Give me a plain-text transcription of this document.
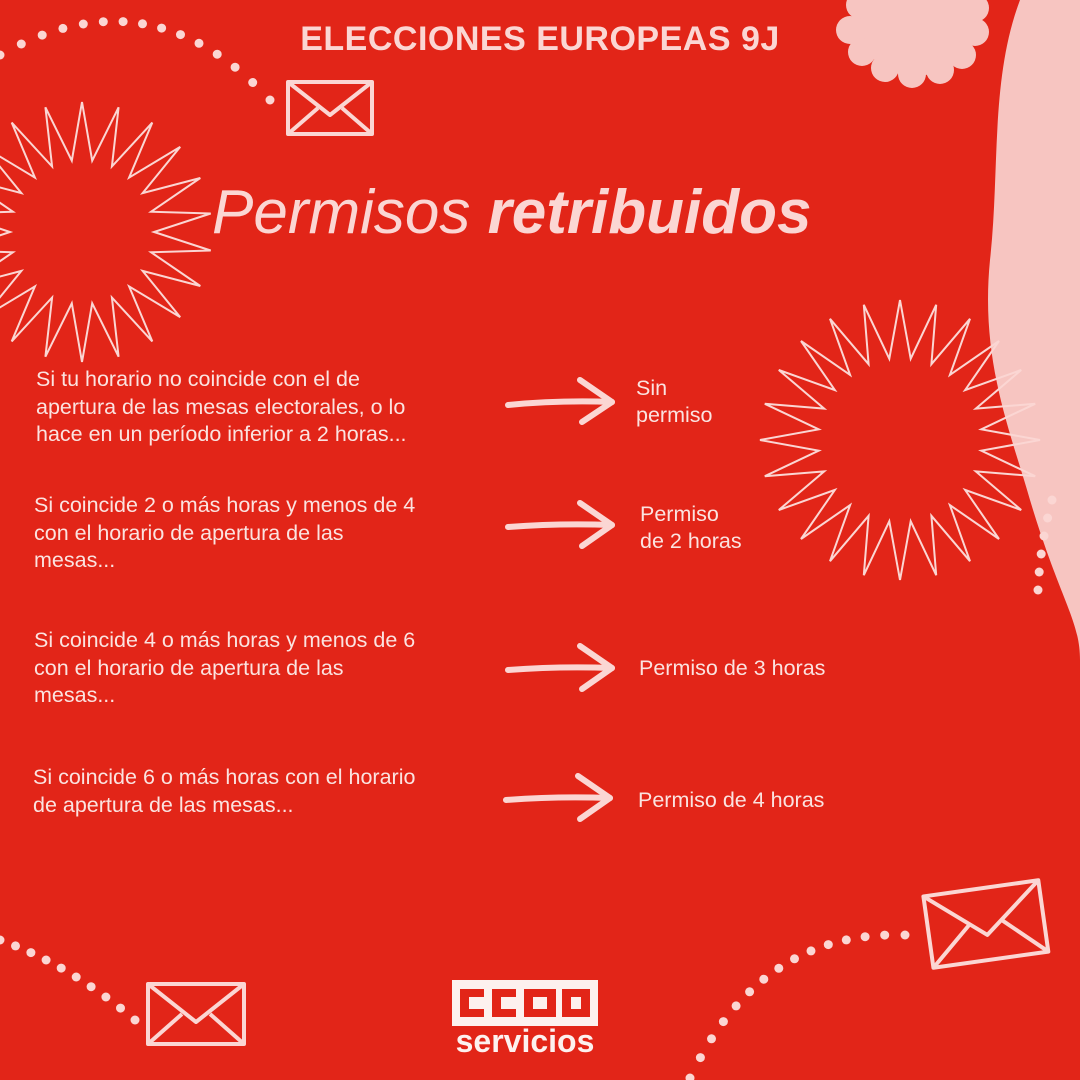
ELECCIONES EUROPEAS 9J
Permisos retribuidos
Si tu horario no coincide con el de
apertura de las mesas electorales, o lo
hace en un período inferior a 2 horas...
Sin
permiso
Si coincide 2 o más horas y menos de 4
con el horario de apertura de las
mesas...
Permiso
de 2 horas
Si coincide 4 o más horas y menos de 6
con el horario de apertura de las
mesas...
Permiso de 3 horas
Si coincide 6 o más horas con el horario
de apertura de las mesas...	Permiso de 4 horas
servicios
